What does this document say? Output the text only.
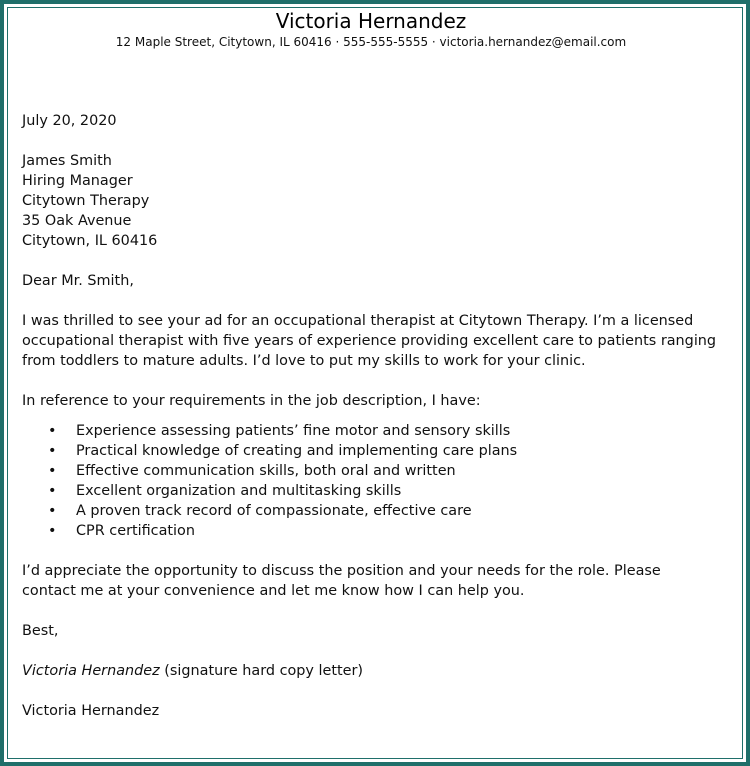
Victoria Hernandez
12 Maple Street, Citytown, IL 60416 · 555-555-5555 · victoria.hernandez@email.com

July 20, 2020

James Smith
Hiring Manager
Citytown Therapy
35 Oak Avenue
Citytown, IL 60416

Dear Mr. Smith,

I was thrilled to see your ad for an occupational therapist at Citytown Therapy. I’m a licensed
occupational therapist with five years of experience providing excellent care to patients ranging
from toddlers to mature adults. I’d love to put my skills to work for your clinic.

In reference to your requirements in the job description, I have:

• Experience assessing patients’ fine motor and sensory skills
• Practical knowledge of creating and implementing care plans
• Effective communication skills, both oral and written
• Excellent organization and multitasking skills
• A proven track record of compassionate, effective care
• CPR certification
I’d appreciate the opportunity to discuss the position and your needs for the role. Please
contact me at your convenience and let me know how I can help you.

Best,

Victoria Hernandez (signature hard copy letter)

Victoria Hernandez
